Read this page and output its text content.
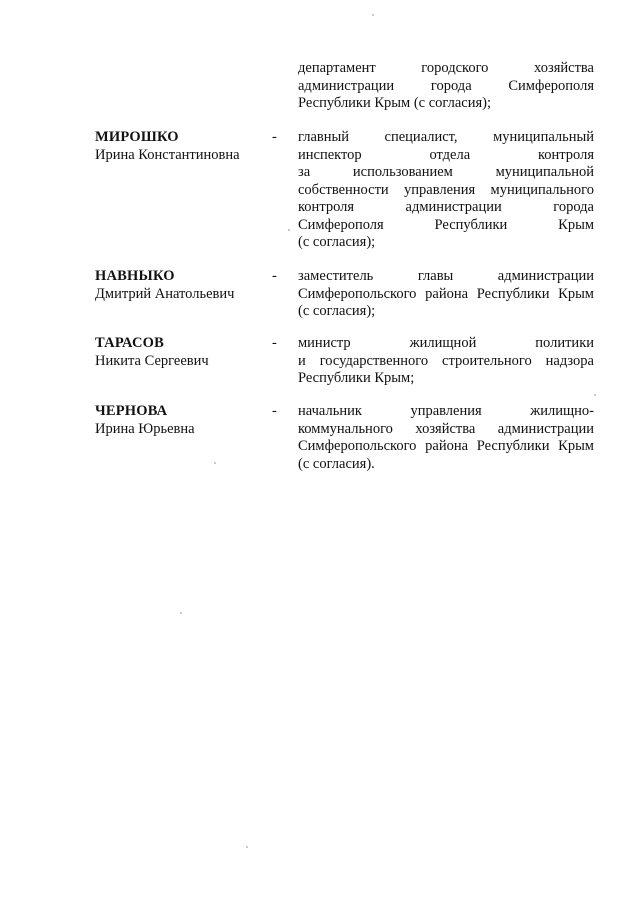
департамент городского хозяйства
администрации города Симферополя
Республики Крым (с согласия);
МИРОШКО
Ирина Константиновна
- главный специалист, муниципальный
инспектор отдела контроля
за использованием муниципальной
собственности управления муниципального
контроля администрации города
Симферополя Республики Крым
(с согласия);
НАВНЫКО
Дмитрий Анатольевич
- заместитель главы администрации
Симферопольского района Республики Крым
(с согласия);
ТАРАСОВ
Никита Сергеевич
- министр жилищной политики
и государственного строительного надзора
Республики Крым;
ЧЕРНОВА
Ирина Юрьевна
- начальник управления жилищно-
коммунального хозяйства администрации
Симферопольского района Республики Крым
(с согласия).
